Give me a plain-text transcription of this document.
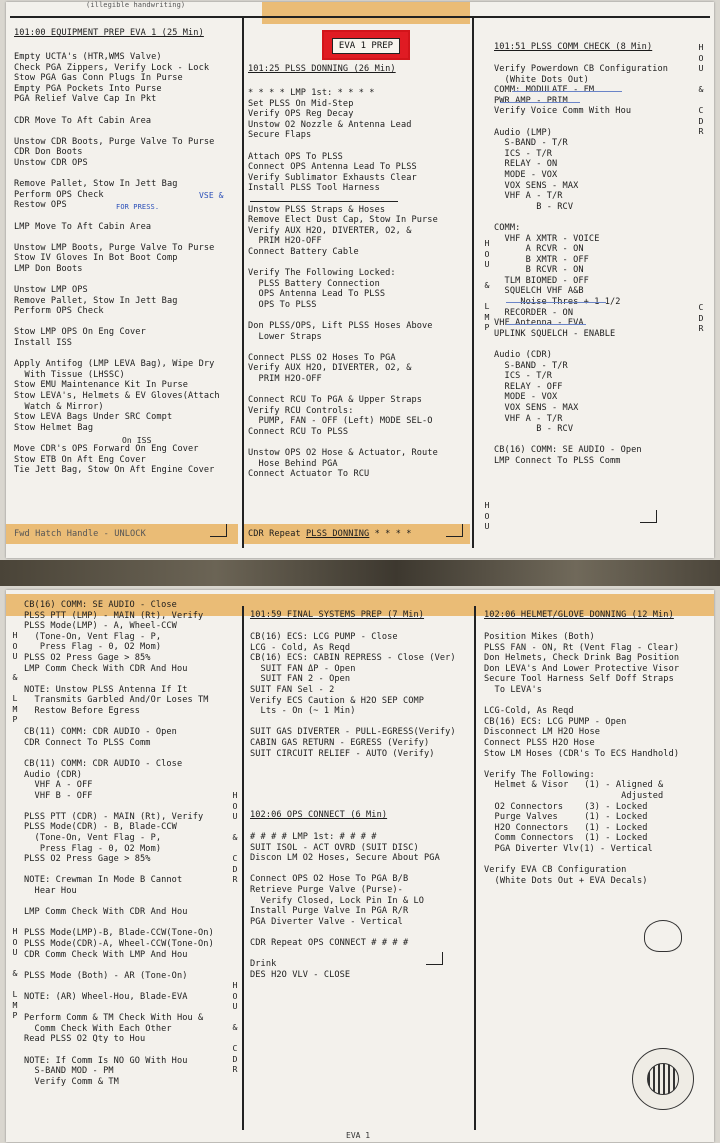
(illegible handwriting)
EVA 1 PREP
101:00 EQUIPMENT PREP EVA 1 (25 Min)
Empty UCTA's (HTR,WMS Valve)
Check PGA Zippers, Verify Lock - Lock
Stow PGA Gas Conn Plugs In Purse
Empty PGA Pockets Into Purse
PGA Relief Valve Cap In Pkt

CDR Move To Aft Cabin Area

Unstow CDR Boots, Purge Valve To Purse
CDR Don Boots
Unstow CDR OPS

Remove Pallet, Stow In Jett Bag
Perform OPS Check
Restow OPS

LMP Move To Aft Cabin Area

Unstow LMP Boots, Purge Valve To Purse
Stow IV Gloves In Bot Boot Comp
LMP Don Boots

Unstow LMP OPS
Remove Pallet, Stow In Jett Bag
Perform OPS Check

Stow LMP OPS On Eng Cover
Install ISS

Apply Antifog (LMP LEVA Bag), Wipe Dry
With Tissue (LHSSC)
Stow EMU Maintenance Kit In Purse
Stow LEVA's, Helmets & EV Gloves(Attach
Watch & Mirror)
Stow LEVA Bags Under SRC Compt
Stow Helmet Bag

Move CDR's OPS Forward On Eng Cover
Stow ETB On Aft Eng Cover
Tie Jett Bag, Stow On Aft Engine Cover
VSE &
FOR PRESS.
On ISS
Fwd Hatch Handle - UNLOCK
101:25 PLSS DONNING (26 Min)
* * * * LMP 1st: * * * *
Set PLSS On Mid-Step
Verify OPS Reg Decay
Unstow O2 Nozzle & Antenna Lead
Secure Flaps

Attach OPS To PLSS
Connect OPS Antenna Lead To PLSS
Verify Sublimator Exhausts Clear
Install PLSS Tool Harness

Unstow PLSS Straps & Hoses
Remove Elect Dust Cap, Stow In Purse
Verify AUX H2O, DIVERTER, O2, &
PRIM H2O-OFF
Connect Battery Cable

Verify The Following Locked:
PLSS Battery Connection
OPS Antenna Lead To PLSS
OPS To PLSS

Don PLSS/OPS, Lift PLSS Hoses Above
Lower Straps

Connect PLSS O2 Hoses To PGA
Verify AUX H2O, DIVERTER, O2, &
PRIM H2O-OFF

Connect RCU To PGA & Upper Straps
Verify RCU Controls:
PUMP, FAN - OFF (Left) MODE SEL-O
Connect RCU To PLSS

Unstow OPS O2 Hose & Actuator, Route
Hose Behind PGA
Connect Actuator To RCU
CDR Repeat PLSS DONNING * * * *
H
O
U

&

L
M
P
101:51 PLSS COMM CHECK (8 Min)
Verify Powerdown CB Configuration
(White Dots Out)
COMM: MODULATE - FM
PWR AMP - PRIM
Verify Voice Comm With Hou

Audio (LMP)
S-BAND - T/R
ICS - T/R
RELAY - ON
MODE - VOX
VOX SENS - MAX
VHF A - T/R
B - RCV

COMM:
VHF A XMTR - VOICE
A RCVR - ON
B XMTR - OFF
B RCVR - ON
TLM BIOMED - OFF
SQUELCH VHF A&B
Noise Thres + 1 1/2
RECORDER - ON
VHF Antenna - EVA
UPLINK SQUELCH - ENABLE

Audio (CDR)
S-BAND - T/R
ICS - T/R
RELAY - OFF
MODE - VOX
VOX SENS - MAX
VHF A - T/R
B - RCV

CB(16) COMM: SE AUDIO - Open
LMP Connect To PLSS Comm
H
O
U

&

C
D
R
C
D
R
H
O
U
CB(16) COMM: SE AUDIO - Close
PLSS PTT (LMP) - MAIN (Rt), Verify
PLSS Mode(LMP) - A, Wheel-CCW
(Tone-On, Vent Flag - P,
Press Flag - 0, O2 Mom)
PLSS O2 Press Gage > 85%
LMP Comm Check With CDR And Hou

NOTE: Unstow PLSS Antenna If It
Transmits Garbled And/Or Loses TM
Restow Before Egress

CB(11) COMM: CDR AUDIO - Open
CDR Connect To PLSS Comm

CB(11) COMM: CDR AUDIO - Close
Audio (CDR)
VHF A - OFF
VHF B - OFF

PLSS PTT (CDR) - MAIN (Rt), Verify
PLSS Mode(CDR) - B, Blade-CCW
(Tone-On, Vent Flag - P,
Press Flag - 0, O2 Mom)
PLSS O2 Press Gage > 85%

NOTE: Crewman In Mode B Cannot
Hear Hou

LMP Comm Check With CDR And Hou

PLSS Mode(LMP)-B, Blade-CCW(Tone-On)
PLSS Mode(CDR)-A, Wheel-CCW(Tone-On)
CDR Comm Check With LMP And Hou

PLSS Mode (Both) - AR (Tone-On)

NOTE: (AR) Wheel-Hou, Blade-EVA

Perform Comm & TM Check With Hou &
Comm Check With Each Other
Read PLSS O2 Qty to Hou

NOTE: If Comm Is NO GO With Hou
S-BAND MOD - PM
Verify Comm & TM
H
O
U

&

L
M
P
H
O
U

&

L
M
P
H
O
U

&

C
D
R
H
O
U

&

C
D
R
101:59 FINAL SYSTEMS PREP (7 Min)
CB(16) ECS: LCG PUMP - Close
LCG - Cold, As Reqd
CB(16) ECS: CABIN REPRESS - Close (Ver)
SUIT FAN ΔP - Open
SUIT FAN 2 - Open
SUIT FAN Sel - 2
Verify ECS Caution & H2O SEP COMP
Lts - On (~ 1 Min)

SUIT GAS DIVERTER - PULL-EGRESS(Verify)
CABIN GAS RETURN - EGRESS (Verify)
SUIT CIRCUIT RELIEF - AUTO (Verify)
102:06 OPS CONNECT (6 Min)
# # # # LMP 1st: # # # #
SUIT ISOL - ACT OVRD (SUIT DISC)
Discon LM O2 Hoses, Secure About PGA

Connect OPS O2 Hose To PGA B/B
Retrieve Purge Valve (Purse)-
Verify Closed, Lock Pin In & LO
Install Purge Valve In PGA R/R
PGA Diverter Valve - Vertical

CDR Repeat OPS CONNECT # # # #

Drink
DES H2O VLV - CLOSE
102:06 HELMET/GLOVE DONNING (12 Min)
Position Mikes (Both)
PLSS FAN - ON, Rt (Vent Flag - Clear)
Don Helmets, Check Drink Bag Position
Don LEVA's And Lower Protective Visor
Secure Tool Harness Self Doff Straps
To LEVA's

LCG-Cold, As Reqd
CB(16) ECS: LCG PUMP - Open
Disconnect LM H2O Hose
Connect PLSS H2O Hose
Stow LM Hoses (CDR's To ECS Handhold)

Verify The Following:
Helmet & Visor   (1) - Aligned &
Adjusted
O2 Connectors    (3) - Locked
Purge Valves     (1) - Locked
H2O Connectors   (1) - Locked
Comm Connectors  (1) - Locked
PGA Diverter Vlv(1) - Vertical

Verify EVA CB Configuration
(White Dots Out + EVA Decals)
EVA 1
